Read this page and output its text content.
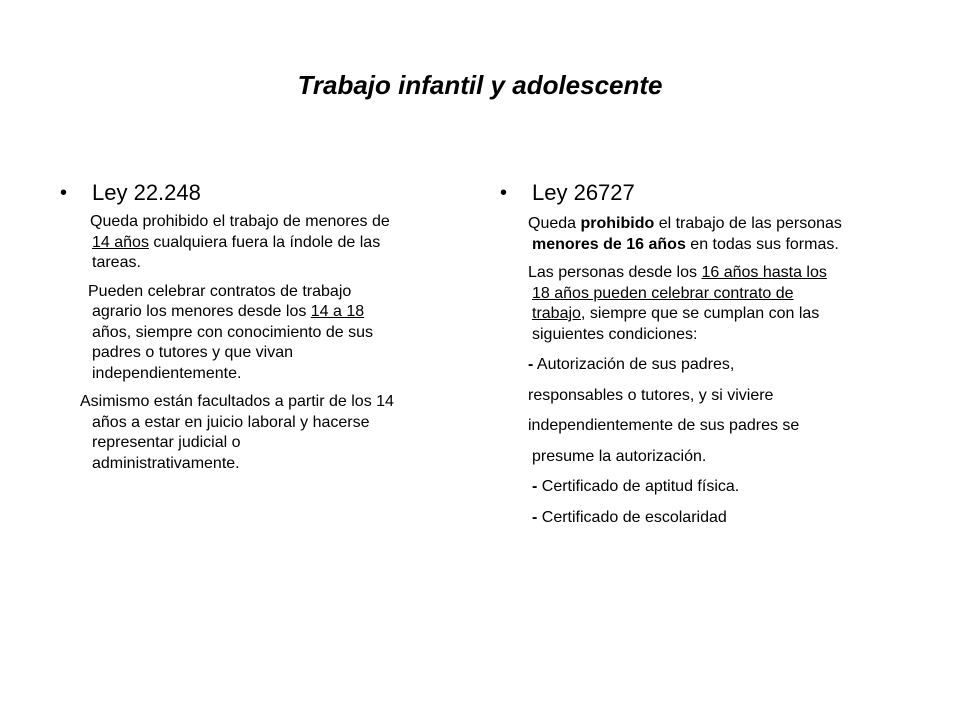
Trabajo infantil y adolescente
• Ley 22.248
Queda prohibido el trabajo de menores de
14 años cualquiera fuera la índole de las
tareas.
Pueden celebrar contratos de trabajo
agrario los menores desde los 14 a 18
años, siempre con conocimiento de sus
padres o tutores y que vivan
independientemente.
Asimismo están facultados a partir de los 14
años a estar en juicio laboral y hacerse
representar judicial o
administrativamente.
• Ley 26727
Queda prohibido el trabajo de las personas
menores de 16 años en todas sus formas.
Las personas desde los 16 años hasta los
18 años pueden celebrar contrato de
trabajo, siempre que se cumplan con las
siguientes condiciones:
- Autorización de sus padres,
responsables o tutores, y si viviere
independientemente de sus padres se
presume la autorización.
- Certificado de aptitud física.
- Certificado de escolaridad
